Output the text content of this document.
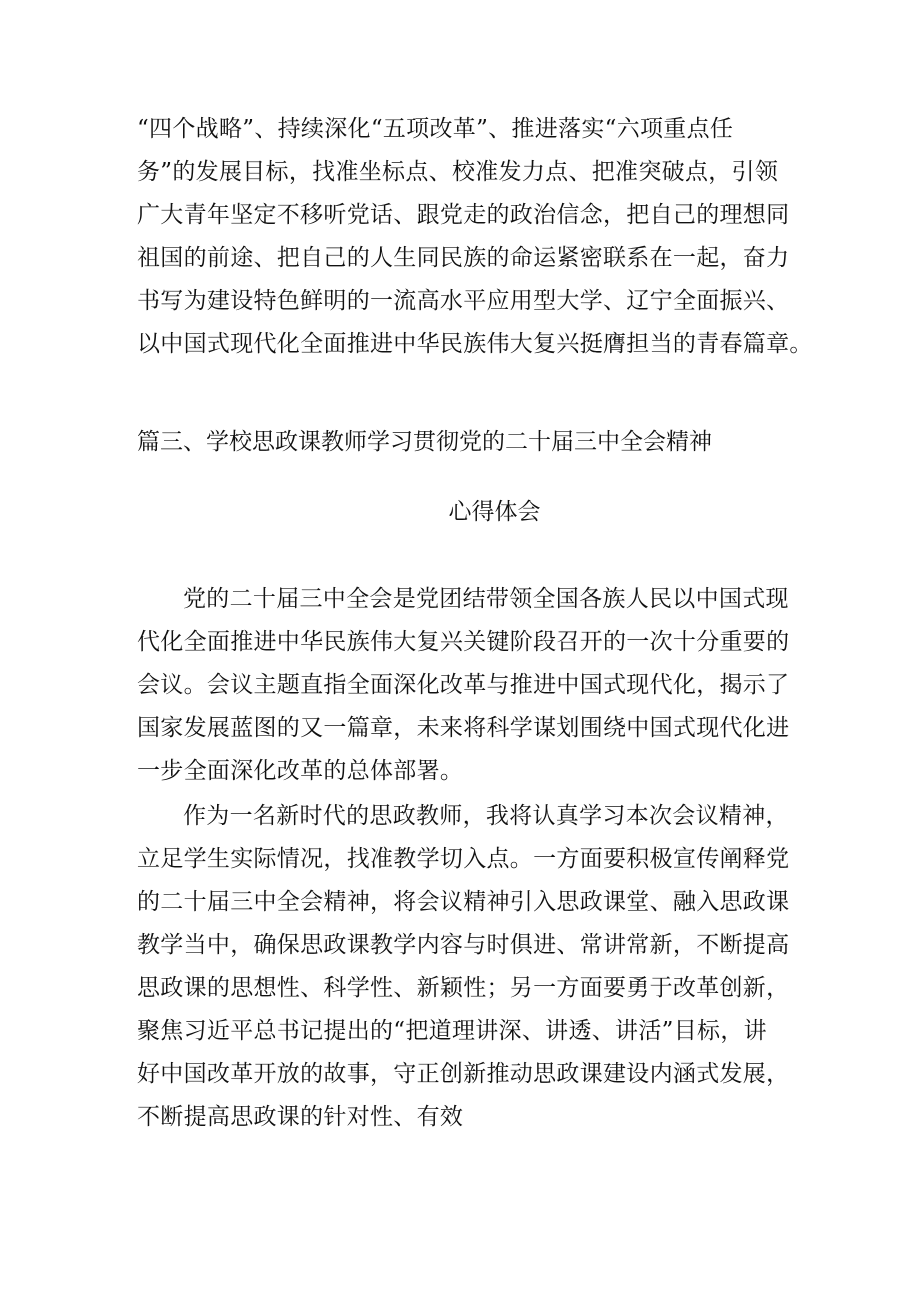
“四个战略”、持续深化“五项改革”、推进落实“六项重点任
务”的发展目标，找准坐标点、校准发力点、把准突破点，引领
广大青年坚定不移听党话、跟党走的政治信念，把自己的理想同
祖国的前途、把自己的人生同民族的命运紧密联系在一起，奋力
书写为建设特色鲜明的一流高水平应用型大学、辽宁全面振兴、
以中国式现代化全面推进中华民族伟大复兴挺膺担当的青春篇章。
篇三、学校思政课教师学习贯彻党的二十届三中全会精神
心得体会
党的二十届三中全会是党团结带领全国各族人民以中国式现
代化全面推进中华民族伟大复兴关键阶段召开的一次十分重要的
会议。会议主题直指全面深化改革与推进中国式现代化，揭示了
国家发展蓝图的又一篇章，未来将科学谋划围绕中国式现代化进
一步全面深化改革的总体部署。
作为一名新时代的思政教师，我将认真学习本次会议精神，
立足学生实际情况，找准教学切入点。一方面要积极宣传阐释党
的二十届三中全会精神，将会议精神引入思政课堂、融入思政课
教学当中，确保思政课教学内容与时俱进、常讲常新，不断提高
思政课的思想性、科学性、新颖性；另一方面要勇于改革创新，
聚焦习近平总书记提出的“把道理讲深、讲透、讲活”目标，讲
好中国改革开放的故事，守正创新推动思政课建设内涵式发展，
不断提高思政课的针对性、有效
